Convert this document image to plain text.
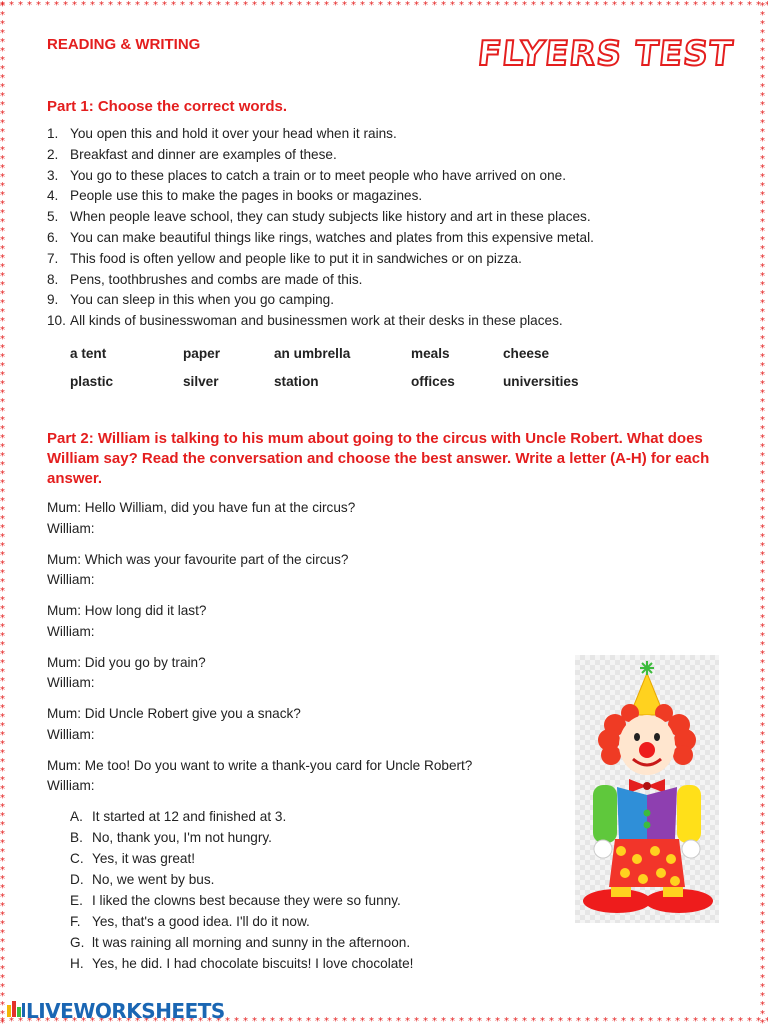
READING & WRITING	FLYERS TEST
Part 1: Choose the correct words.
1. You open this and hold it over your head when it rains.
2. Breakfast and dinner are examples of these.
3. You go to these places to catch a train or to meet people who have arrived on one.
4. People use this to make the pages in books or magazines.
5. When people leave school, they can study subjects like history and art in these places.
6. You can make beautiful things like rings, watches and plates from this expensive metal.
7. This food is often yellow and people like to put it in sandwiches or on pizza.
8. Pens, toothbrushes and combs are made of this.
9. You can sleep in this when you go camping.
10. All kinds of businesswoman and businessmen work at their desks in these places.
a tent	paper	an umbrella	meals	cheese
plastic	silver	station	offices	universities
Part 2: William is talking to his mum about going to the circus with Uncle Robert. What does William say? Read the conversation and choose the best answer. Write a letter (A-H) for each answer.
Mum: Hello William, did you have fun at the circus?
William:
Mum: Which was your favourite part of the circus?
William:
Mum: How long did it last?
William:
Mum: Did you go by train?
William:
Mum: Did Uncle Robert give you a snack?
William:
Mum: Me too! Do you want to write a thank-you card for Uncle Robert?
William:
A. It started at 12 and finished at 3.
B. No, thank you, I'm not hungry.
C. Yes, it was great!
D. No, we went by bus.
E. I liked the clowns best because they were so funny.
F. Yes, that's a good idea. I'll do it now.
G. lt was raining all morning and sunny in the afternoon.
H. Yes, he did. I had chocolate biscuits! I love chocolate!
LIVEWORKSHEETS
